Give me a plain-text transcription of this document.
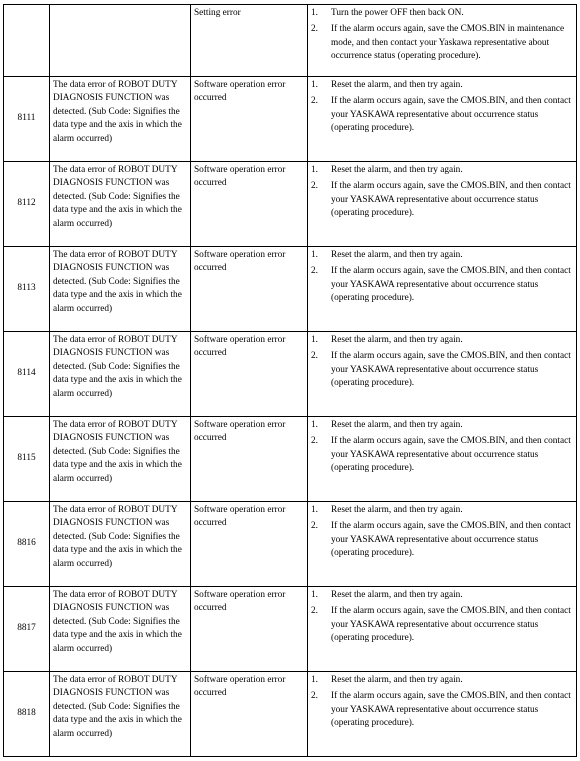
		Setting error	1. Turn the power OFF then back ON.
2. If the alarm occurs again, save the CMOS.BIN in maintenance mode, and then contact your Yaskawa representative about occurrence status (operating procedure).

8111	The data error of ROBOT DUTY DIAGNOSIS FUNCTION was detected. (Sub Code: Signifies the data type and the axis in which the alarm occurred)	Software operation error occurred	1. Reset the alarm, and then try again.
2. If the alarm occurs again, save the CMOS.BIN, and then contact your YASKAWA representative about occurrence status (operating procedure).

8112	The data error of ROBOT DUTY DIAGNOSIS FUNCTION was detected. (Sub Code: Signifies the data type and the axis in which the alarm occurred)	Software operation error occurred	1. Reset the alarm, and then try again.
2. If the alarm occurs again, save the CMOS.BIN, and then contact your YASKAWA representative about occurrence status (operating procedure).

8113	The data error of ROBOT DUTY DIAGNOSIS FUNCTION was detected. (Sub Code: Signifies the data type and the axis in which the alarm occurred)	Software operation error occurred	1. Reset the alarm, and then try again.
2. If the alarm occurs again, save the CMOS.BIN, and then contact your YASKAWA representative about occurrence status (operating procedure).

8114	The data error of ROBOT DUTY DIAGNOSIS FUNCTION was detected. (Sub Code: Signifies the data type and the axis in which the alarm occurred)	Software operation error occurred	1. Reset the alarm, and then try again.
2. If the alarm occurs again, save the CMOS.BIN, and then contact your YASKAWA representative about occurrence status (operating procedure).

8115	The data error of ROBOT DUTY DIAGNOSIS FUNCTION was detected. (Sub Code: Signifies the data type and the axis in which the alarm occurred)	Software operation error occurred	1. Reset the alarm, and then try again.
2. If the alarm occurs again, save the CMOS.BIN, and then contact your YASKAWA representative about occurrence status (operating procedure).

8816	The data error of ROBOT DUTY DIAGNOSIS FUNCTION was detected. (Sub Code: Signifies the data type and the axis in which the alarm occurred)	Software operation error occurred	1. Reset the alarm, and then try again.
2. If the alarm occurs again, save the CMOS.BIN, and then contact your YASKAWA representative about occurrence status (operating procedure).

8817	The data error of ROBOT DUTY DIAGNOSIS FUNCTION was detected. (Sub Code: Signifies the data type and the axis in which the alarm occurred)	Software operation error occurred	1. Reset the alarm, and then try again.
2. If the alarm occurs again, save the CMOS.BIN, and then contact your YASKAWA representative about occurrence status (operating procedure).

8818	The data error of ROBOT DUTY DIAGNOSIS FUNCTION was detected. (Sub Code: Signifies the data type and the axis in which the alarm occurred)	Software operation error occurred	1. Reset the alarm, and then try again.
2. If the alarm occurs again, save the CMOS.BIN, and then contact your YASKAWA representative about occurrence status (operating procedure).
